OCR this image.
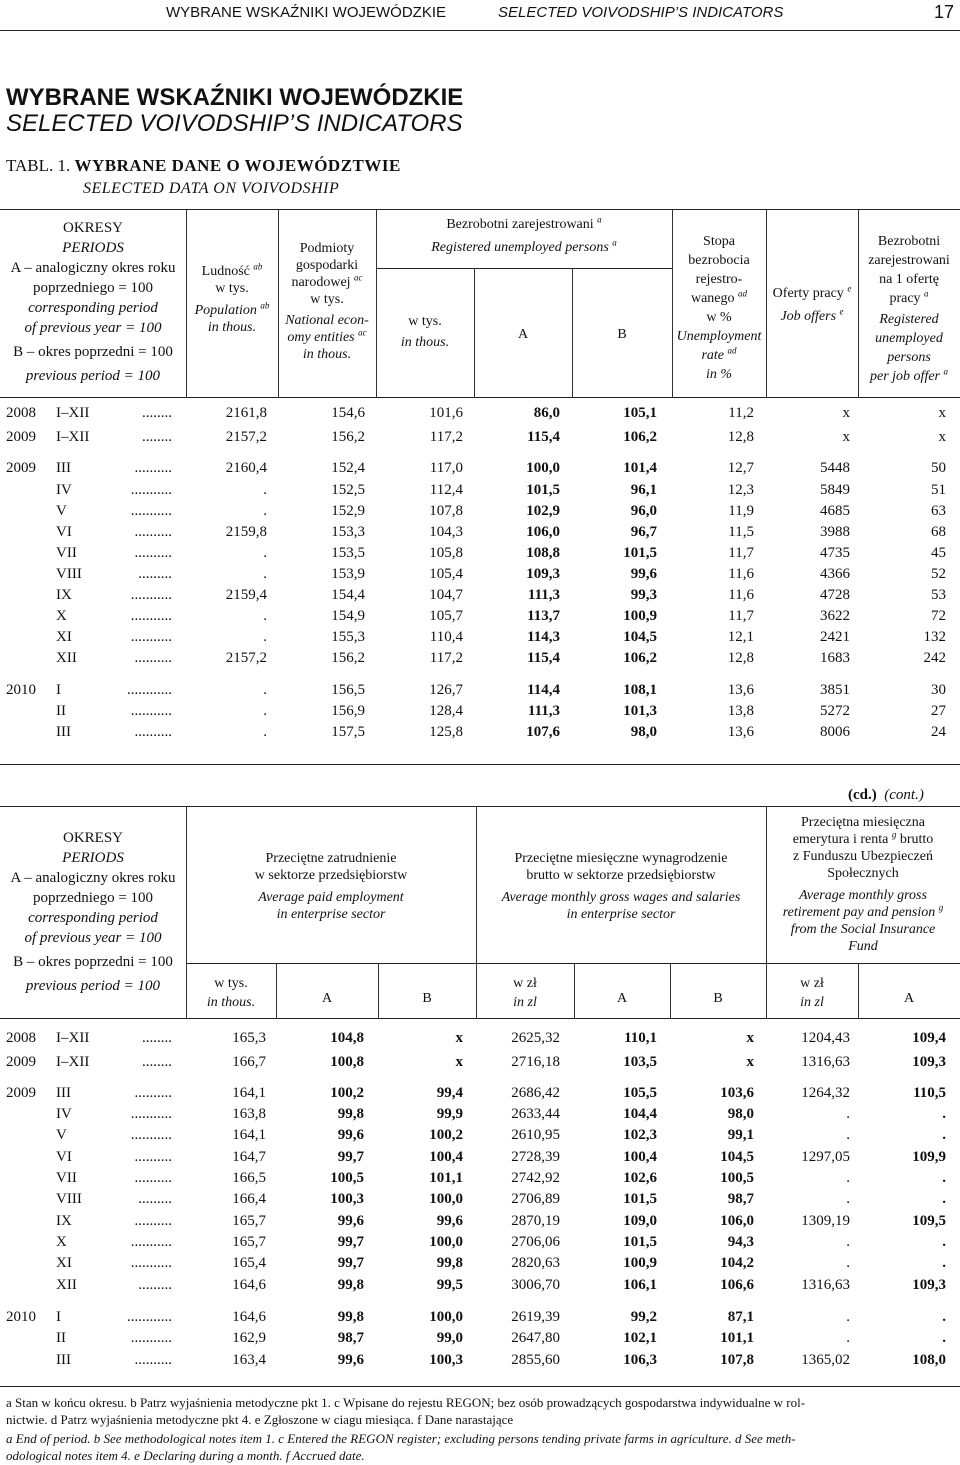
WYBRANE WSKAŹNIKI WOJEWÓDZKIE	SELECTED VOIVODSHIP’S INDICATORS	17
WYBRANE WSKAŹNIKI WOJEWÓDZKIE
SELECTED VOIVODSHIP’S INDICATORS
TABL. 1. WYBRANE DANE O WOJEWÓDZTWIE
SELECTED DATA ON VOIVODSHIP
OKRESY
PERIODS
A – analogiczny okres roku
poprzedniego = 100
corresponding period
of previous year = 100
B – okres poprzedni = 100
previous period = 100
Ludność $^{ab}$
w tys.
Population $^{ab}$
in thous.
Podmioty
gospodarki
narodowej $^{ac}$
w tys.
National econ-
omy entities $^{ac}$
in thous.
Bezrobotni zarejestrowani $^a$
Registered unemployed persons $^a$
w tys.
in thous.
A	B
Stopa
bezrobocia
rejestro-
wanego $^{ad}$
w %
Unemployment
rate $^{ad}$
in %
Oferty pracy $^e$
Job offers $^e$
Bezrobotni
zarejestrowani
na 1 ofertę
pracy $^a$
Registered
unemployed
persons
per job offer $^a$
2008 I–XII	........	2161,8	154,6	101,6	86,0	105,1	11,2	x	x
2009 I–XII	........	2157,2	156,2	117,2	115,4	106,2	12,8	x	x
2009 III	..........	2160,4	152,4	117,0	100,0	101,4	12,7	5448	50
IV	...........	.	152,5	112,4	101,5	96,1	12,3	5849	51
V	...........	.	152,9	107,8	102,9	96,0	11,9	4685	63
VI	..........	2159,8	153,3	104,3	106,0	96,7	11,5	3988	68
VII	..........	.	153,5	105,8	108,8	101,5	11,7	4735	45
VIII	.........	.	153,9	105,4	109,3	99,6	11,6	4366	52
IX	...........	2159,4	154,4	104,7	111,3	99,3	11,6	4728	53
X	...........	.	154,9	105,7	113,7	100,9	11,7	3622	72
XI	...........	.	155,3	110,4	114,3	104,5	12,1	2421	132
XII	..........	2157,2	156,2	117,2	115,4	106,2	12,8	1683	242
2010 I	............	.	156,5	126,7	114,4	108,1	13,6	3851	30
II	...........	.	156,9	128,4	111,3	101,3	13,8	5272	27
III	..........	.	157,5	125,8	107,6	98,0	13,6	8006	24
(cd.) (cont.)
OKRESY
PERIODS
A – analogiczny okres roku
poprzedniego = 100
corresponding period
of previous year = 100
B – okres poprzedni = 100
previous period = 100
Przeciętne zatrudnienie
w sektorze przedsiębiorstw
Average paid employment
in enterprise sector
w tys.
in thous.	A	B
Przeciętne miesięczne wynagrodzenie
brutto w sektorze przedsiębiorstw
Average monthly gross wages and salaries
in enterprise sector
w zł
in zl	A	B
Przeciętna miesięczna
emerytura i renta $^g$ brutto
z Funduszu Ubezpieczeń
Społecznych
Average monthly gross
retirement pay and pension $^g$
from the Social Insurance
Fund
w zł
in zl	A
2008 I–XII	........	165,3	104,8	x	2625,32	110,1	x	1204,43	109,4
2009 I–XII	........	166,7	100,8	x	2716,18	103,5	x	1316,63	109,3
2009 III	..........	164,1	100,2	99,4	2686,42	105,5	103,6	1264,32	110,5
IV	...........	163,8	99,8	99,9	2633,44	104,4	98,0	.	.
V	...........	164,1	99,6	100,2	2610,95	102,3	99,1	.	.
VI	..........	164,7	99,7	100,4	2728,39	100,4	104,5	1297,05	109,9
VII	..........	166,5	100,5	101,1	2742,92	102,6	100,5	.	.
VIII	.........	166,4	100,3	100,0	2706,89	101,5	98,7	.	.
IX	..........	165,7	99,6	99,6	2870,19	109,0	106,0	1309,19	109,5
X	...........	165,7	99,7	100,0	2706,06	101,5	94,3	.	.
XI	...........	165,4	99,7	99,8	2820,63	100,9	104,2	.	.
XII	.........	164,6	99,8	99,5	3006,70	106,1	106,6	1316,63	109,3
2010 I	............	164,6	99,8	100,0	2619,39	99,2	87,1	.	.
II	...........	162,9	98,7	99,0	2647,80	102,1	101,1	.	.
III	..........	163,4	99,6	100,3	2855,60	106,3	107,8	1365,02	108,0
a Stan w końcu okresu. b Patrz wyjaśnienia metodyczne pkt 1. c Wpisane do rejestu REGON; bez osób prowadzących gospodarstwa indywidualne w rol-
nictwie. d Patrz wyjaśnienia metodyczne pkt 4. e Zgłoszone w ciagu miesiąca. f Dane narastające
a End of period. b See methodological notes item 1. c Entered the REGON register; excluding persons tending private farms in agriculture. d See meth-
odological notes item 4. e Declaring during a month. f Accrued date.
